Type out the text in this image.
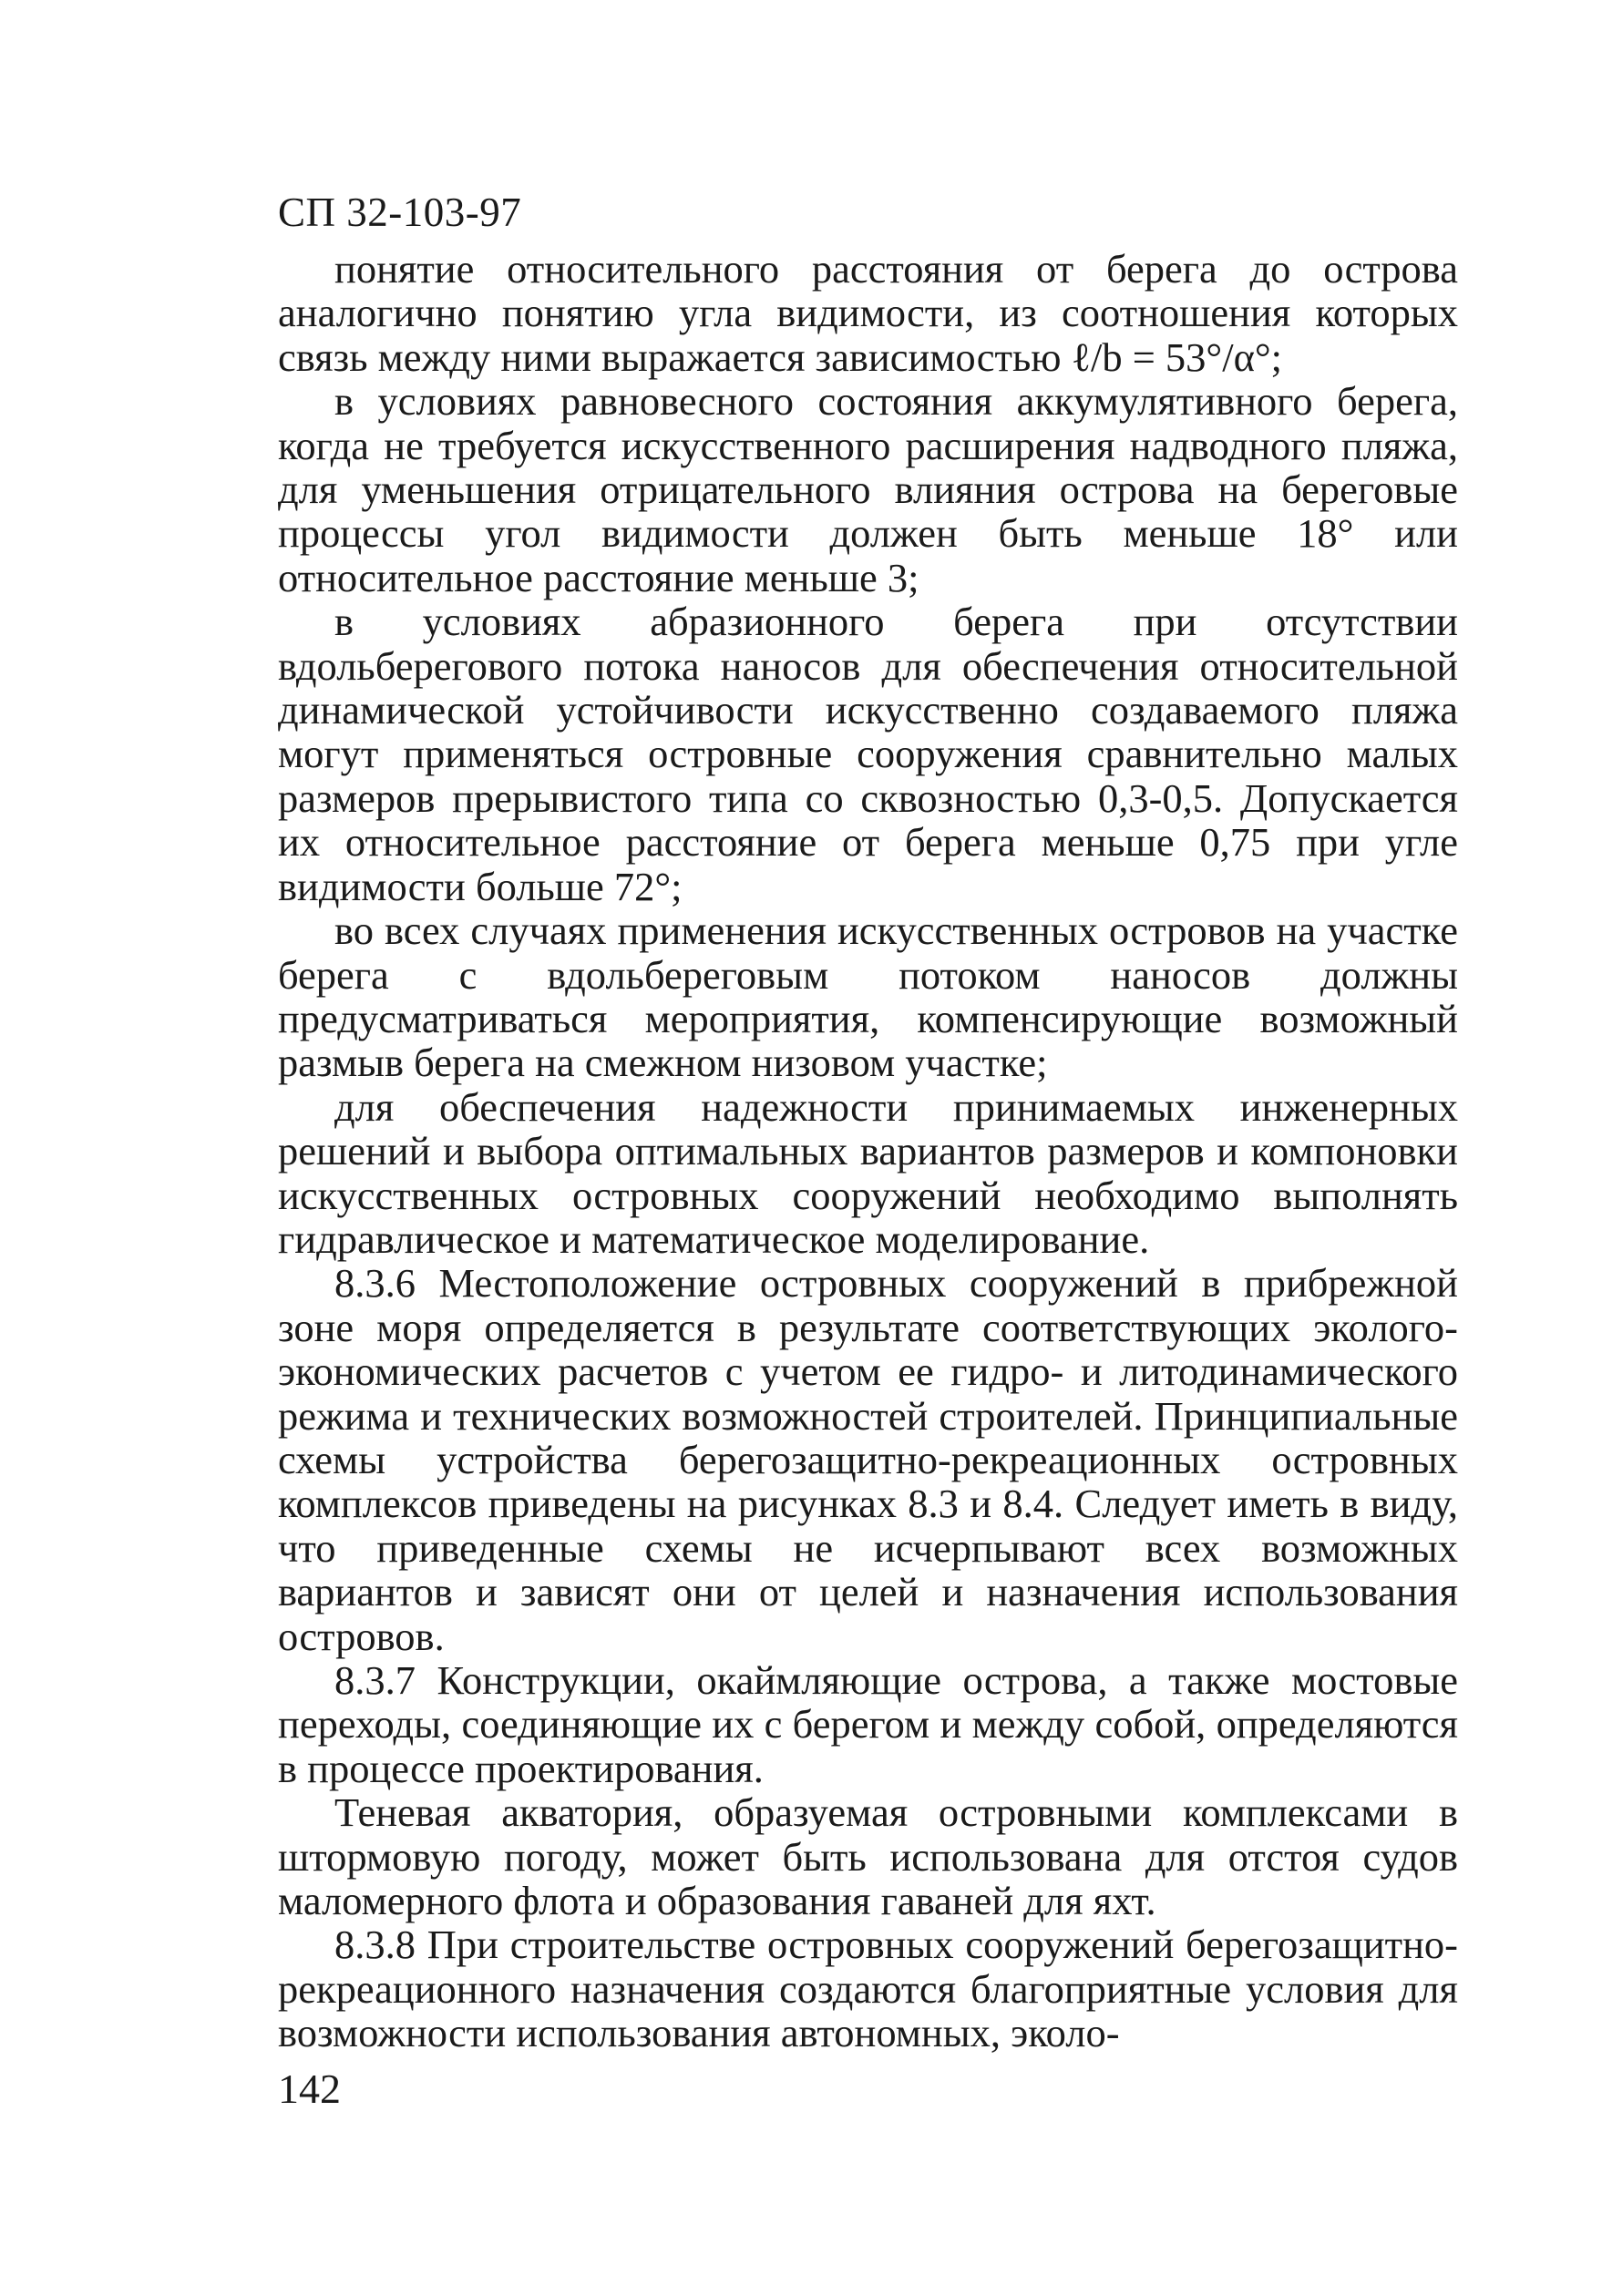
СП 32-103-97

понятие относительного расстояния от берега до острова аналогично понятию угла видимости, из соотношения которых связь между ними выражается зависимостью ℓ/b = 53°/α°;

в условиях равновесного состояния аккумулятивного берега, когда не требуется искусственного расширения надводного пляжа, для уменьшения отрицательного влияния острова на береговые процессы угол видимости должен быть меньше 18° или относительное расстояние меньше 3;

в условиях абразионного берега при отсутствии вдольберегового потока наносов для обеспечения относительной динамической устойчивости искусственно создаваемого пляжа могут применяться островные сооружения сравнительно малых размеров прерывистого типа со сквозностью 0,3-0,5. Допускается их относительное расстояние от берега меньше 0,75 при угле видимости больше 72°;

во всех случаях применения искусственных островов на участке берега с вдольбереговым потоком наносов должны предусматриваться мероприятия, компенсирующие возможный размыв берега на смежном низовом участке;

для обеспечения надежности принимаемых инженерных решений и выбора оптимальных вариантов размеров и компоновки искусственных островных сооружений необходимо выполнять гидравлическое и математическое моделирование.

8.3.6 Местоположение островных сооружений в прибрежной зоне моря определяется в результате соответствующих эколого-экономических расчетов с учетом ее гидро- и литодинамического режима и технических возможностей строителей. Принципиальные схемы устройства берегозащитно-рекреационных островных комплексов приведены на рисунках 8.3 и 8.4. Следует иметь в виду, что приведенные схемы не исчерпывают всех возможных вариантов и зависят они от целей и назначения использования островов.

8.3.7 Конструкции, окаймляющие острова, а также мостовые переходы, соединяющие их с берегом и между собой, определяются в процессе проектирования.

Теневая акватория, образуемая островными комплексами в штормовую погоду, может быть использована для отстоя судов маломерного флота и образования гаваней для яхт.

8.3.8 При строительстве островных сооружений берегозащитно-рекреационного назначения создаются благоприятные условия для возможности использования автономных, эколо-

142
